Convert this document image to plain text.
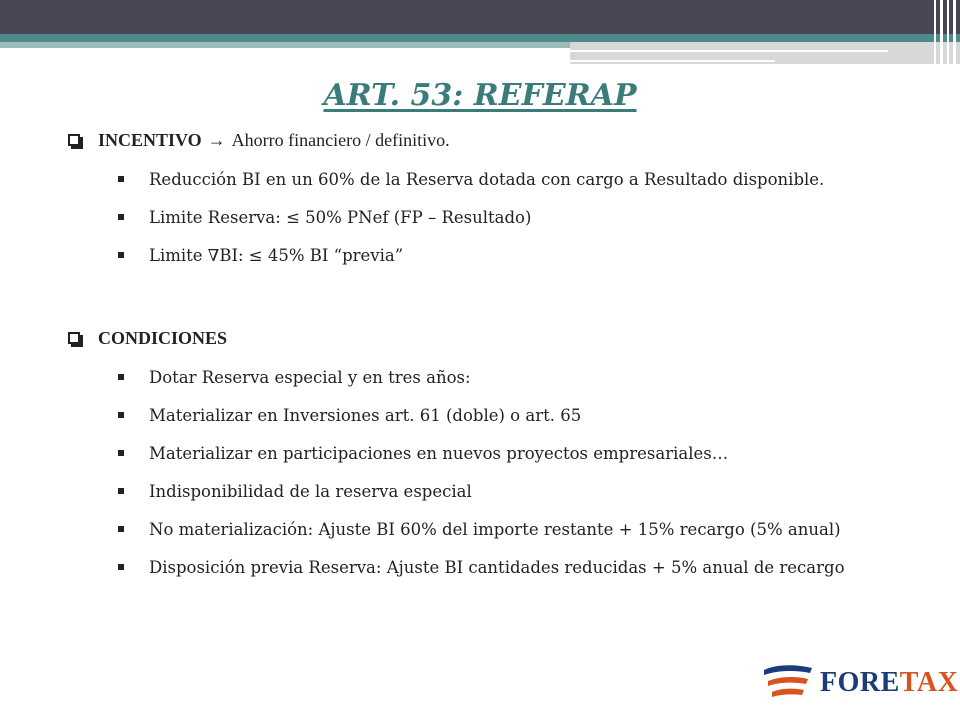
ART. 53: REFERAP
INCENTIVO → Ahorro financiero / definitivo.
Reducción BI en un 60% de la Reserva dotada con cargo a Resultado disponible.
Limite Reserva: ≤ 50% PNef (FP – Resultado)
Limite ∇BI: ≤ 45% BI “previa”
CONDICIONES
Dotar Reserva especial y en tres años:
Materializar en Inversiones art. 61 (doble) o art. 65
Materializar en participaciones en nuevos proyectos empresariales…
Indisponibilidad de la reserva especial
No materialización: Ajuste BI 60% del importe restante + 15% recargo (5% anual)
Disposición previa Reserva: Ajuste BI cantidades reducidas + 5% anual de recargo
FORETAX
